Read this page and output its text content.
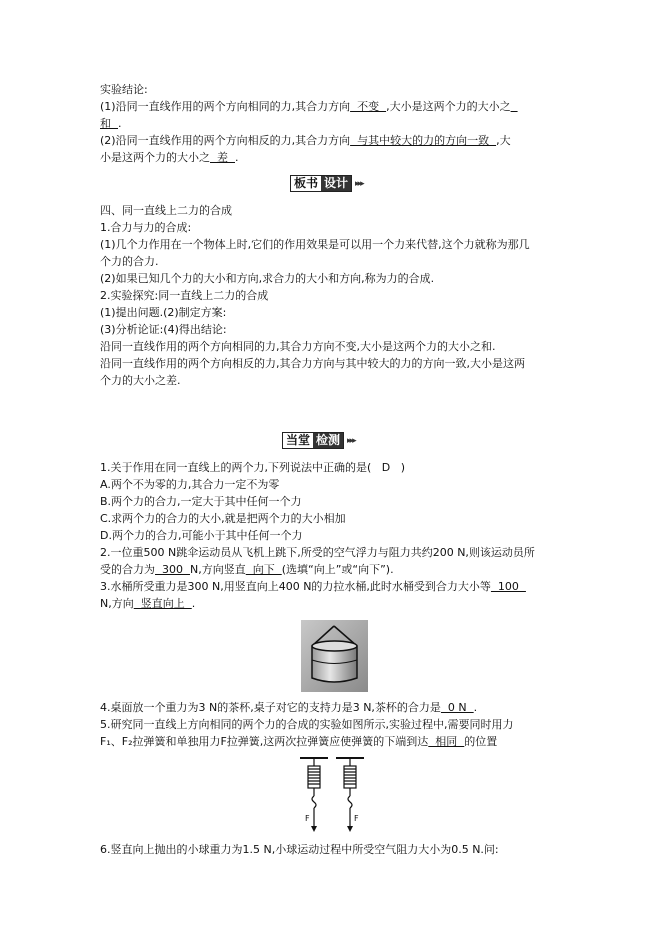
实验结论:
(1)沿同一直线作用的两个方向相同的力,其合力方向  不变  ,大小是这两个力的大小之
和  .
(2)沿同一直线作用的两个方向相反的力,其合力方向  与其中较大的力的方向一致  ,大
小是这两个力的大小之  差  .
板书 设计 ▸▸▸
四、同一直线上二力的合成
1.合力与力的合成:
(1)几个力作用在一个物体上时,它们的作用效果是可以用一个力来代替,这个力就称为那几
个力的合力.
(2)如果已知几个力的大小和方向,求合力的大小和方向,称为力的合成.
2.实验探究:同一直线上二力的合成
(1)提出问题.(2)制定方案:
(3)分析论证:(4)得出结论:
沿同一直线作用的两个方向相同的力,其合力方向不变,大小是这两个力的大小之和.
沿同一直线作用的两个方向相反的力,其合力方向与其中较大的力的方向一致,大小是这两
个力的大小之差.
当堂 检测 ▸▸▸
1.关于作用在同一直线上的两个力,下列说法中正确的是(   D   )
A.两个不为零的力,其合力一定不为零
B.两个力的合力,一定大于其中任何一个力
C.求两个力的合力的大小,就是把两个力的大小相加
D.两个力的合力,可能小于其中任何一个力
2.一位重500 N跳伞运动员从飞机上跳下,所受的空气浮力与阻力共约200 N,则该运动员所
受的合力为  300  N,方向竖直  向下  (选填“向上”或“向下”).
3.水桶所受重力是300 N,用竖直向上400 N的力拉水桶,此时水桶受到合力大小等  100
N,方向  竖直向上  .
4.桌面放一个重力为3 N的茶杯,桌子对它的支持力是3 N,茶杯的合力是  0 N  .
5.研究同一直线上方向相同的两个力的合成的实验如图所示,实验过程中,需要同时用力
F₁、F₂拉弹簧和单独用力F拉弹簧,这两次拉弹簧应使弹簧的下端到达  相同  的位置
F	F
6.竖直向上抛出的小球重力为1.5 N,小球运动过程中所受空气阻力大小为0.5 N.问:
